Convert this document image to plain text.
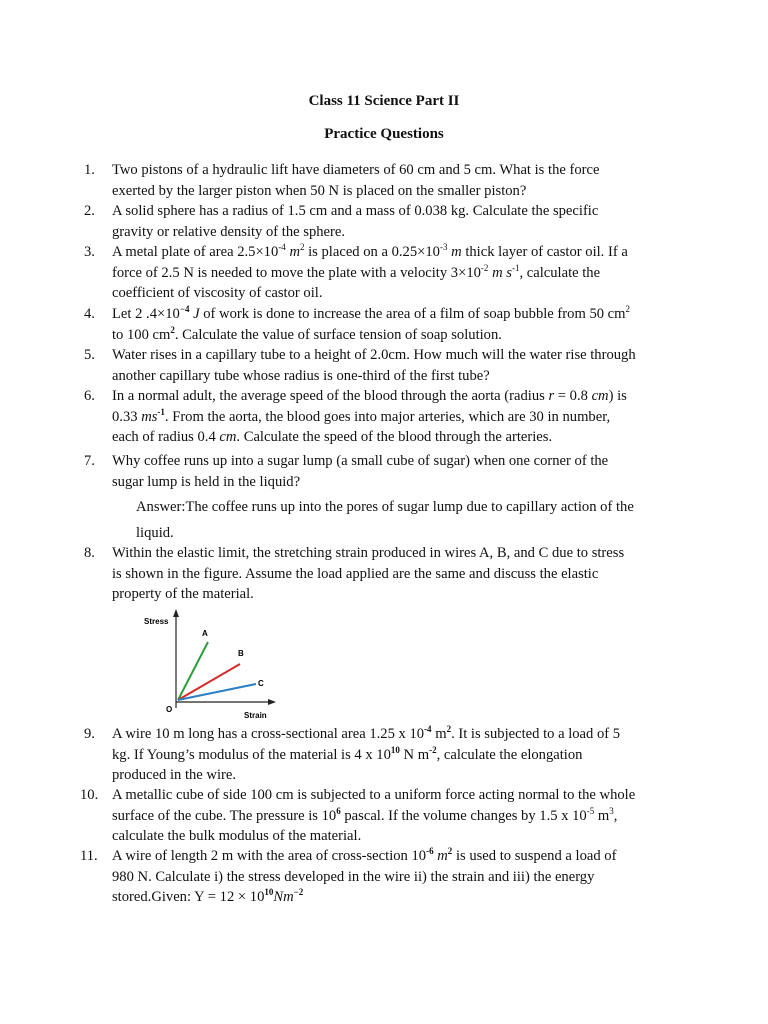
Class 11 Science Part II
Practice Questions
1.	Two pistons of a hydraulic lift have diameters of 60 cm and 5 cm. What is the force
exerted by the larger piston when 50 N is placed on the smaller piston?
2.	A solid sphere has a radius of 1.5 cm and a mass of 0.038 kg. Calculate the specific
gravity or relative density of the sphere.
3.	A metal plate of area $2.5\times 10^{-4}$ $m^2$ is placed on a $0.25\times 10^{-3}$ m thick layer of castor oil. If a
force of 2.5 N is needed to move the plate with a velocity $3\times 10^{-2}$ m $s^{-1}$, calculate the
coefficient of viscosity of castor oil.
4.	Let 2 $.4\times 10^{-4}$ J of work is done to increase the area of a film of soap bubble from 50 $cm^2$
to 100 $cm^2$. Calculate the value of surface tension of soap solution.
5.	Water rises in a capillary tube to a height of 2.0cm. How much will the water rise through
another capillary tube whose radius is one-third of the first tube?
6.	In a normal adult, the average speed of the blood through the aorta (radius r = 0.8 cm) is
0.33 $ms^{-1}$. From the aorta, the blood goes into major arteries, which are 30 in number,
each of radius 0.4 cm. Calculate the speed of the blood through the arteries.
7.	Why coffee runs up into a sugar lump (a small cube of sugar) when one corner of the
sugar lump is held in the liquid?
Answer:The coffee runs up into the pores of sugar lump due to capillary action of the
liquid.
8.	Within the elastic limit, the stretching strain produced in wires A, B, and C due to stress
is shown in the figure. Assume the load applied are the same and discuss the elastic
property of the material.
Stress
Strain
O
A
B
C
9.	A wire 10 m long has a cross-sectional area 1.25 x $10^{-4}$ $m^2$. It is subjected to a load of 5
kg. If Young’s modulus of the material is 4 x $10^{10}$ N $m^{-2}$, calculate the elongation
produced in the wire.
10. A metallic cube of side 100 cm is subjected to a uniform force acting normal to the whole
surface of the cube. The pressure is $10^6$ pascal. If the volume changes by 1.5 x $10^{-5}$ $m^3$,
calculate the bulk modulus of the material.
11. A wire of length 2 m with the area of cross-section $10^{-6}$ $m^2$ is used to suspend a load of
980 N. Calculate i) the stress developed in the wire ii) the strain and iii) the energy
stored.Given: $Y = 12 \times 10^{10}Nm^{-2}$
